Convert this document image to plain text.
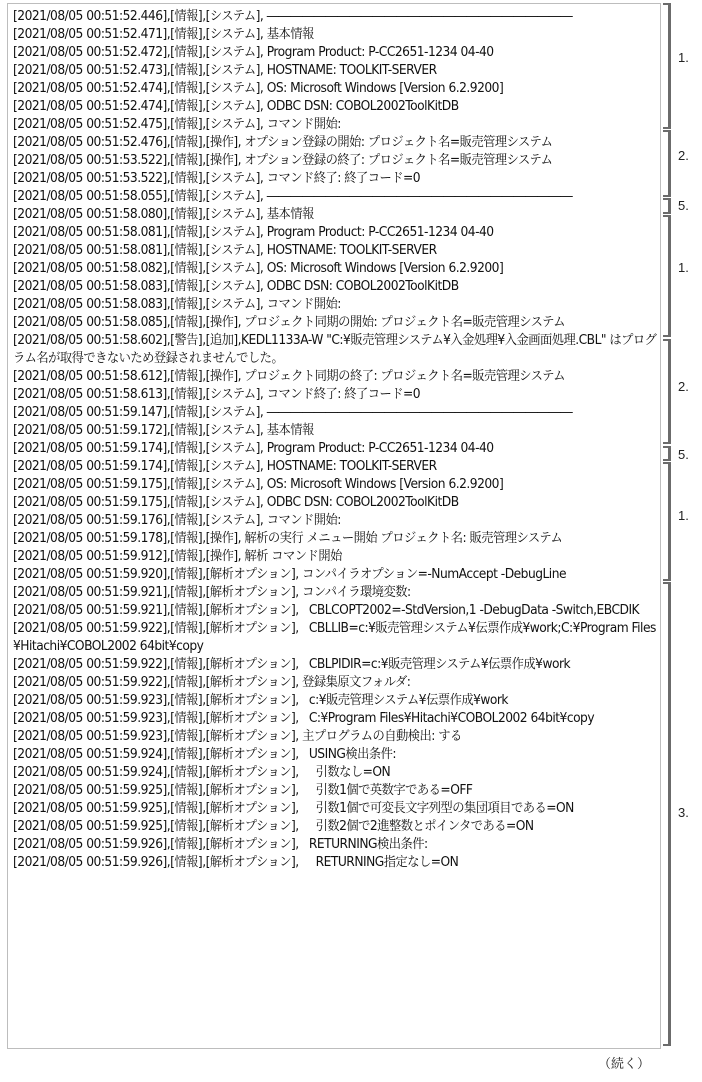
[2021/08/05 00:51:52.446],[情報],[システム], ――――――――――――――――――――――――――

[2021/08/05 00:51:52.471],[情報],[システム], 基本情報

[2021/08/05 00:51:52.472],[情報],[システム], Program Product: P-CC2651-1234 04-40

[2021/08/05 00:51:52.473],[情報],[システム], HOSTNAME: TOOLKIT-SERVER

[2021/08/05 00:51:52.474],[情報],[システム], OS: Microsoft Windows [Version 6.2.9200]

[2021/08/05 00:51:52.474],[情報],[システム], ODBC DSN: COBOL2002ToolKitDB

[2021/08/05 00:51:52.475],[情報],[システム], コマンド開始:

[2021/08/05 00:51:52.476],[情報],[操作], オプション登録の開始: プロジェクト名=販売管理システム

[2021/08/05 00:51:53.522],[情報],[操作], オプション登録の終了: プロジェクト名=販売管理システム

[2021/08/05 00:51:53.522],[情報],[システム], コマンド終了: 終了コード=0

[2021/08/05 00:51:58.055],[情報],[システム], ――――――――――――――――――――――――――

[2021/08/05 00:51:58.080],[情報],[システム], 基本情報

[2021/08/05 00:51:58.081],[情報],[システム], Program Product: P-CC2651-1234 04-40

[2021/08/05 00:51:58.081],[情報],[システム], HOSTNAME: TOOLKIT-SERVER

[2021/08/05 00:51:58.082],[情報],[システム], OS: Microsoft Windows [Version 6.2.9200]

[2021/08/05 00:51:58.083],[情報],[システム], ODBC DSN: COBOL2002ToolKitDB

[2021/08/05 00:51:58.083],[情報],[システム], コマンド開始:

[2021/08/05 00:51:58.085],[情報],[操作], プロジェクト同期の開始: プロジェクト名=販売管理システム

[2021/08/05 00:51:58.602],[警告],[追加],KEDL1133A-W "C:¥販売管理システム¥入金処理¥入金画面処理.CBL" はプログラム名が取得できないため登録されませんでした。

[2021/08/05 00:51:58.612],[情報],[操作], プロジェクト同期の終了: プロジェクト名=販売管理システム

[2021/08/05 00:51:58.613],[情報],[システム], コマンド終了: 終了コード=0

[2021/08/05 00:51:59.147],[情報],[システム], ――――――――――――――――――――――――――

[2021/08/05 00:51:59.172],[情報],[システム], 基本情報

[2021/08/05 00:51:59.174],[情報],[システム], Program Product: P-CC2651-1234 04-40

[2021/08/05 00:51:59.174],[情報],[システム], HOSTNAME: TOOLKIT-SERVER

[2021/08/05 00:51:59.175],[情報],[システム], OS: Microsoft Windows [Version 6.2.9200]

[2021/08/05 00:51:59.175],[情報],[システム], ODBC DSN: COBOL2002ToolKitDB

[2021/08/05 00:51:59.176],[情報],[システム], コマンド開始:

[2021/08/05 00:51:59.178],[情報],[操作], 解析の実行 メニュー開始 プロジェクト名: 販売管理システム

[2021/08/05 00:51:59.912],[情報],[操作], 解析 コマンド開始

[2021/08/05 00:51:59.920],[情報],[解析オプション], コンパイラオプション=-NumAccept -DebugLine

[2021/08/05 00:51:59.921],[情報],[解析オプション], コンパイラ環境変数:

[2021/08/05 00:51:59.921],[情報],[解析オプション],   CBLCOPT2002=-StdVersion,1 -DebugData -Switch,EBCDIK

[2021/08/05 00:51:59.922],[情報],[解析オプション],   CBLLIB=c:¥販売管理システム¥伝票作成¥work;C:¥Program Files¥Hitachi¥COBOL2002 64bit¥copy

[2021/08/05 00:51:59.922],[情報],[解析オプション],   CBLPIDIR=c:¥販売管理システム¥伝票作成¥work

[2021/08/05 00:51:59.922],[情報],[解析オプション], 登録集原文フォルダ:

[2021/08/05 00:51:59.923],[情報],[解析オプション],   c:¥販売管理システム¥伝票作成¥work

[2021/08/05 00:51:59.923],[情報],[解析オプション],   C:¥Program Files¥Hitachi¥COBOL2002 64bit¥copy

[2021/08/05 00:51:59.923],[情報],[解析オプション], 主プログラムの自動検出: する

[2021/08/05 00:51:59.924],[情報],[解析オプション],   USING検出条件:

[2021/08/05 00:51:59.924],[情報],[解析オプション],     引数なし=ON

[2021/08/05 00:51:59.925],[情報],[解析オプション],     引数1個で英数字である=OFF

[2021/08/05 00:51:59.925],[情報],[解析オプション],     引数1個で可変長文字列型の集団項目である=ON

[2021/08/05 00:51:59.925],[情報],[解析オプション],     引数2個で2進整数とポインタである=ON

[2021/08/05 00:51:59.926],[情報],[解析オプション],   RETURNING検出条件:

[2021/08/05 00:51:59.926],[情報],[解析オプション],     RETURNING指定なし=ON

1.
2.
5.
1.
2.
5.
1.
3.
（続く）
